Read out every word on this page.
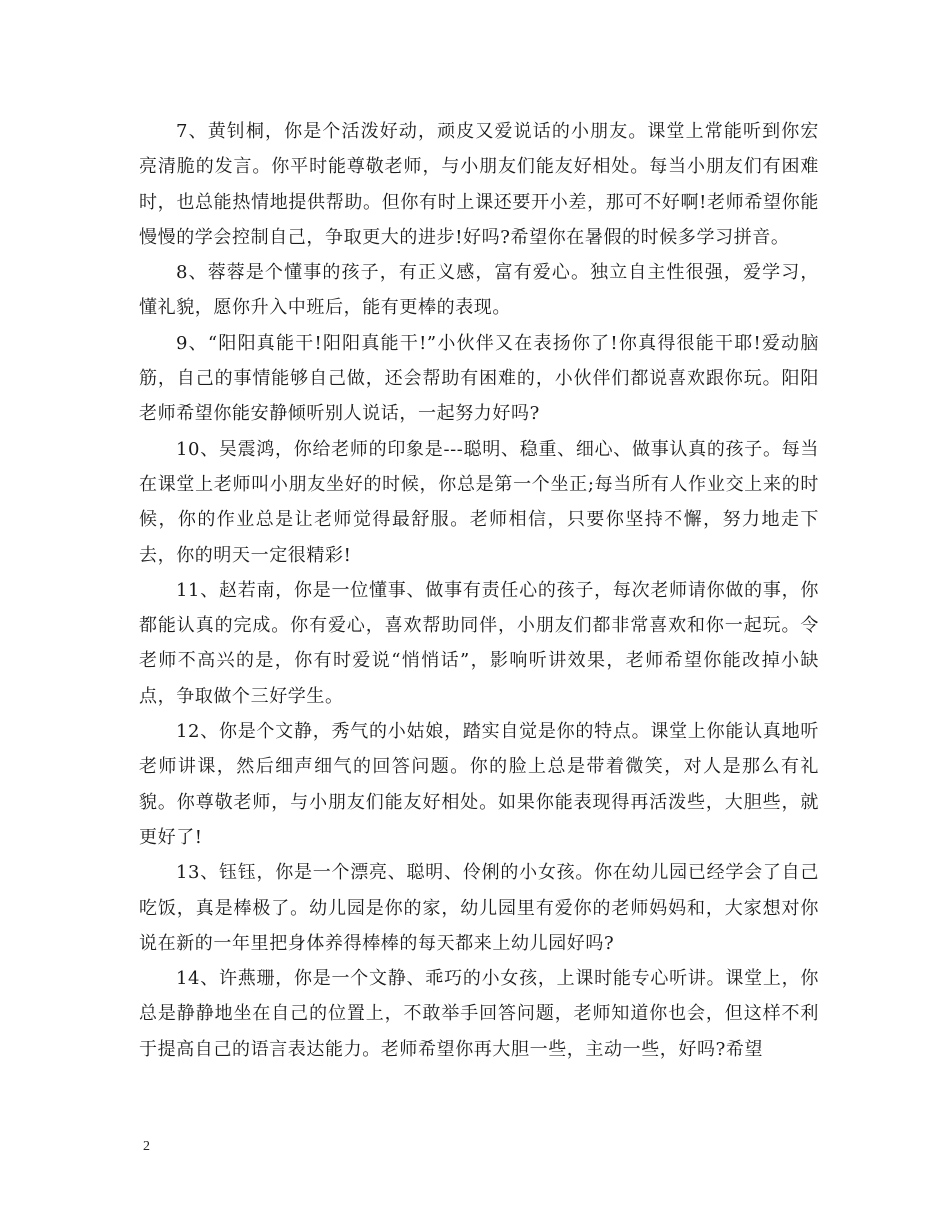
7、黄钊桐，你是个活泼好动，顽皮又爱说话的小朋友。课堂上常能听到你宏亮清脆的发言。你平时能尊敬老师，与小朋友们能友好相处。每当小朋友们有困难时，也总能热情地提供帮助。但你有时上课还要开小差，那可不好啊!老师希望你能慢慢的学会控制自己，争取更大的进步!好吗?希望你在暑假的时候多学习拼音。

8、蓉蓉是个懂事的孩子，有正义感，富有爱心。独立自主性很强，爱学习，懂礼貌，愿你升入中班后，能有更棒的表现。

9、“阳阳真能干!阳阳真能干!”小伙伴又在表扬你了!你真得很能干耶!爱动脑筋，自己的事情能够自己做，还会帮助有困难的，小伙伴们都说喜欢跟你玩。阳阳老师希望你能安静倾听别人说话，一起努力好吗?

10、吴震鸿，你给老师的印象是---聪明、稳重、细心、做事认真的孩子。每当在课堂上老师叫小朋友坐好的时候，你总是第一个坐正;每当所有人作业交上来的时候，你的作业总是让老师觉得最舒服。老师相信，只要你坚持不懈，努力地走下去，你的明天一定很精彩!

11、赵若南，你是一位懂事、做事有责任心的孩子，每次老师请你做的事，你都能认真的完成。你有爱心，喜欢帮助同伴，小朋友们都非常喜欢和你一起玩。令老师不高兴的是，你有时爱说“悄悄话”，影响听讲效果，老师希望你能改掉小缺点，争取做个三好学生。

12、你是个文静，秀气的小姑娘，踏实自觉是你的特点。课堂上你能认真地听老师讲课，然后细声细气的回答问题。你的脸上总是带着微笑，对人是那么有礼貌。你尊敬老师，与小朋友们能友好相处。如果你能表现得再活泼些，大胆些，就更好了!

13、钰钰，你是一个漂亮、聪明、伶俐的小女孩。你在幼儿园已经学会了自己吃饭，真是棒极了。幼儿园是你的家，幼儿园里有爱你的老师妈妈和，大家想对你说在新的一年里把身体养得棒棒的每天都来上幼儿园好吗?

14、许燕珊，你是一个文静、乖巧的小女孩，上课时能专心听讲。课堂上，你总是静静地坐在自己的位置上，不敢举手回答问题，老师知道你也会，但这样不利于提高自己的语言表达能力。老师希望你再大胆一些，主动一些，好吗?希望

2
